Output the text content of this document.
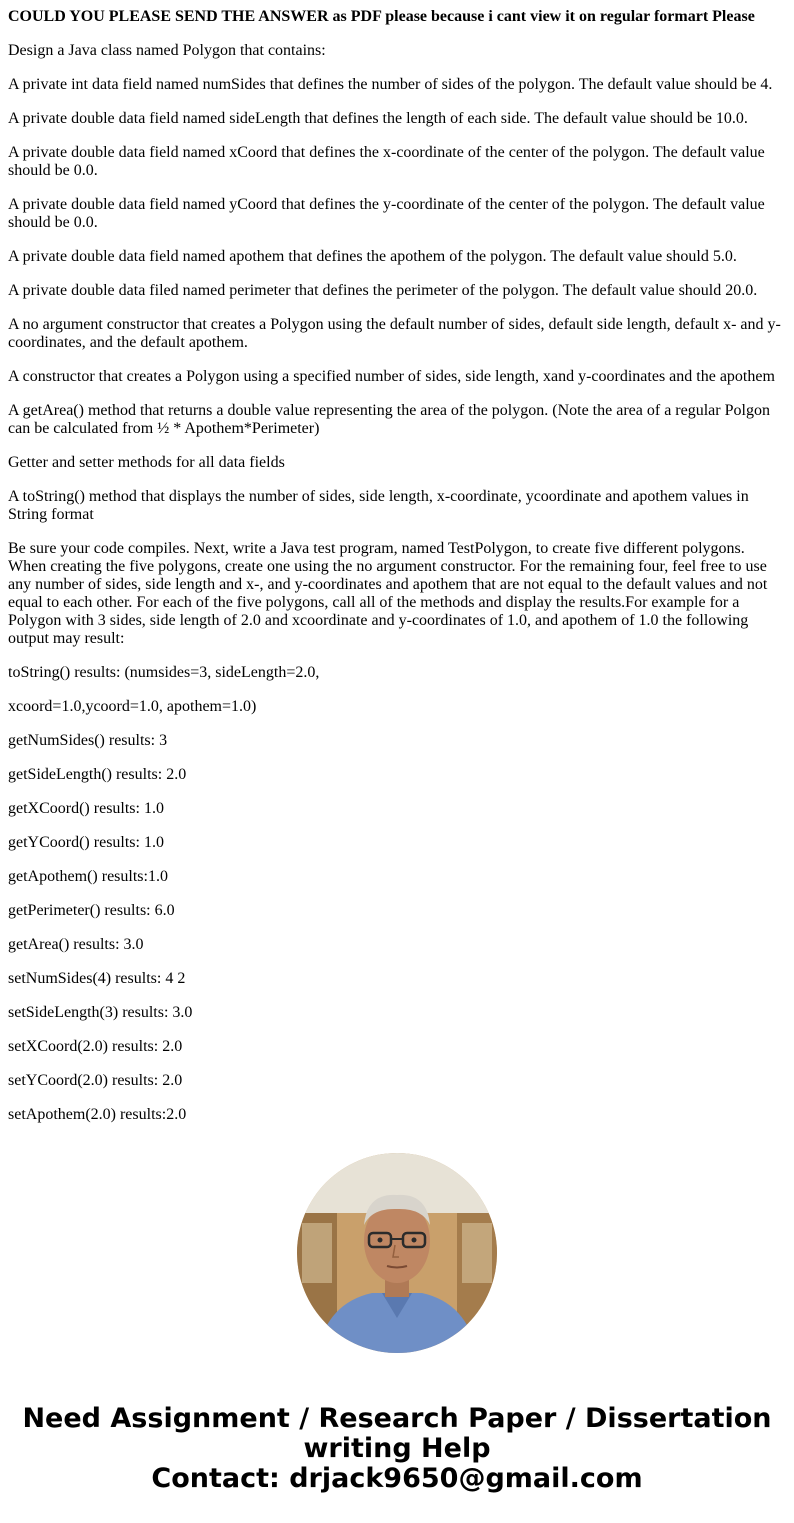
COULD YOU PLEASE SEND THE ANSWER as PDF please because i cant view it on regular formart Please

Design a Java class named Polygon that contains:

A private int data field named numSides that defines the number of sides of the polygon. The default value should be 4.

A private double data field named sideLength that defines the length of each side. The default value should be 10.0.

A private double data field named xCoord that defines the x-coordinate of the center of the polygon. The default value should be 0.0.

A private double data field named yCoord that defines the y-coordinate of the center of the polygon. The default value should be 0.0.

A private double data field named apothem that defines the apothem of the polygon. The default value should 5.0.

A private double data filed named perimeter that defines the perimeter of the polygon. The default value should 20.0.

A no argument constructor that creates a Polygon using the default number of sides, default side length, default x- and y-coordinates, and the default apothem.

A constructor that creates a Polygon using a specified number of sides, side length, xand y-coordinates and the apothem

A getArea() method that returns a double value representing the area of the polygon. (Note the area of a regular Polgon can be calculated from ½ * Apothem*Perimeter)

Getter and setter methods for all data fields

A toString() method that displays the number of sides, side length, x-coordinate, ycoordinate and apothem values in String format

Be sure your code compiles. Next, write a Java test program, named TestPolygon, to create five different polygons. When creating the five polygons, create one using the no argument constructor. For the remaining four, feel free to use any number of sides, side length and x-, and y-coordinates and apothem that are not equal to the default values and not equal to each other. For each of the five polygons, call all of the methods and display the results.For example for a Polygon with 3 sides, side length of 2.0 and xcoordinate and y-coordinates of 1.0, and apothem of 1.0 the following output may result:

toString() results: (numsides=3, sideLength=2.0,

xcoord=1.0,ycoord=1.0, apothem=1.0)

getNumSides() results: 3

getSideLength() results: 2.0

getXCoord() results: 1.0

getYCoord() results: 1.0

getApothem() results:1.0

getPerimeter() results: 6.0

getArea() results: 3.0

setNumSides(4) results: 4 2

setSideLength(3) results: 3.0

setXCoord(2.0) results: 2.0

setYCoord(2.0) results: 2.0

setApothem(2.0) results:2.0

Need Assignment / Research Paper / Dissertation
writing Help
Contact: drjack9650@gmail.com
